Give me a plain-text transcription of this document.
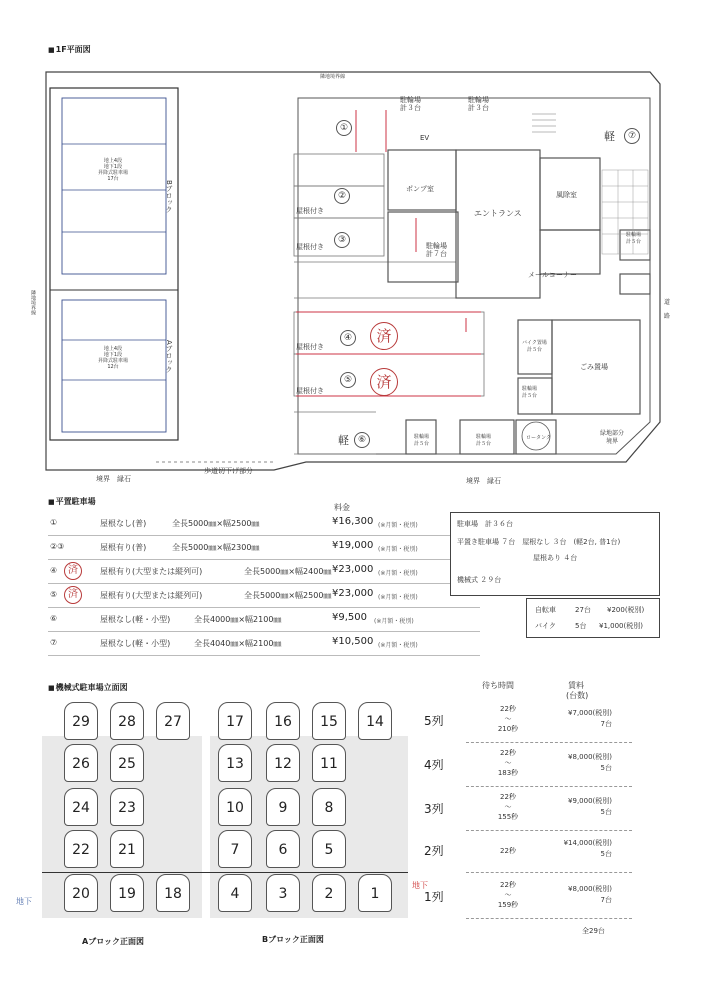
■ 1F平面図
隣地境界線
隣地境界線
地上4段
地下1段
昇降式駐車場
17台
地上4段
地下1段
昇降式駐車場
12台
Bブロック
Aブロック
駐輪場
計３台
駐輪場
計３台
EV	軽	⑦
ポンプ室
エントランス
風除室
駐輪場
計７台
メールコーナー
①
屋根付き
②
屋根付き
③
屋根付き
④	済
屋根付き
⑤	済
軽 ⑥
バイク置場
計５台
ごみ置場
駐輪場
計５台
駐輪場
計５台
駐輪場
計５台
駐輪場
計５台
ロータンク
緑地部分
境界
道
路
境界　縁石
歩道切下げ部分
境界　縁石
■ 平置駐車場
料金
①	屋根なし(普)	全長5000㎜×幅2500㎜	¥16,300 (※月額・税別)
②③	屋根有り(普)	全長5000㎜×幅2300㎜	¥19,000 (※月額・税別)
④	済	屋根有り(大型または縦列可)	全長5000㎜×幅2400㎜ ¥23,000 (※月額・税別)
⑤	済	屋根有り(大型または縦列可)	全長5000㎜×幅2500㎜ ¥23,000 (※月額・税別)
⑥	屋根なし(軽・小型)	全長4000㎜×幅2100㎜	¥9,500 (※月額・税別)
⑦	屋根なし(軽・小型)	全長4040㎜×幅2100㎜	¥10,500 (※月額・税別)
駐車場　計３６台
平置き駐車場 ７台　屋根なし ３台　(軽2台, 普1台)
屋根あり ４台
機械式 ２９台
自転車	27台 ¥200(税別)
バイク	5台 ¥1,000(税別)
■ 機械式駐車場立面図	待ち時間	賃料
(台数)
地下
29	28	27
26	25
24	23
22	21
20	19	18
17	16	15	14
13	12	11
10	9	8
7	6	5
4	3	2	1
5列
22秒
〜
210秒
¥7,000(税別)
7台
4列
22秒
〜
183秒
¥8,000(税別)
5台
3列
22秒
〜
155秒
¥9,000(税別)
5台
2列	22秒
¥14,000(税別)
5台
1列
22秒
〜
159秒
¥8,000(税別)
7台
地下
Aブロック正面図	Bブロック正面図
全29台
